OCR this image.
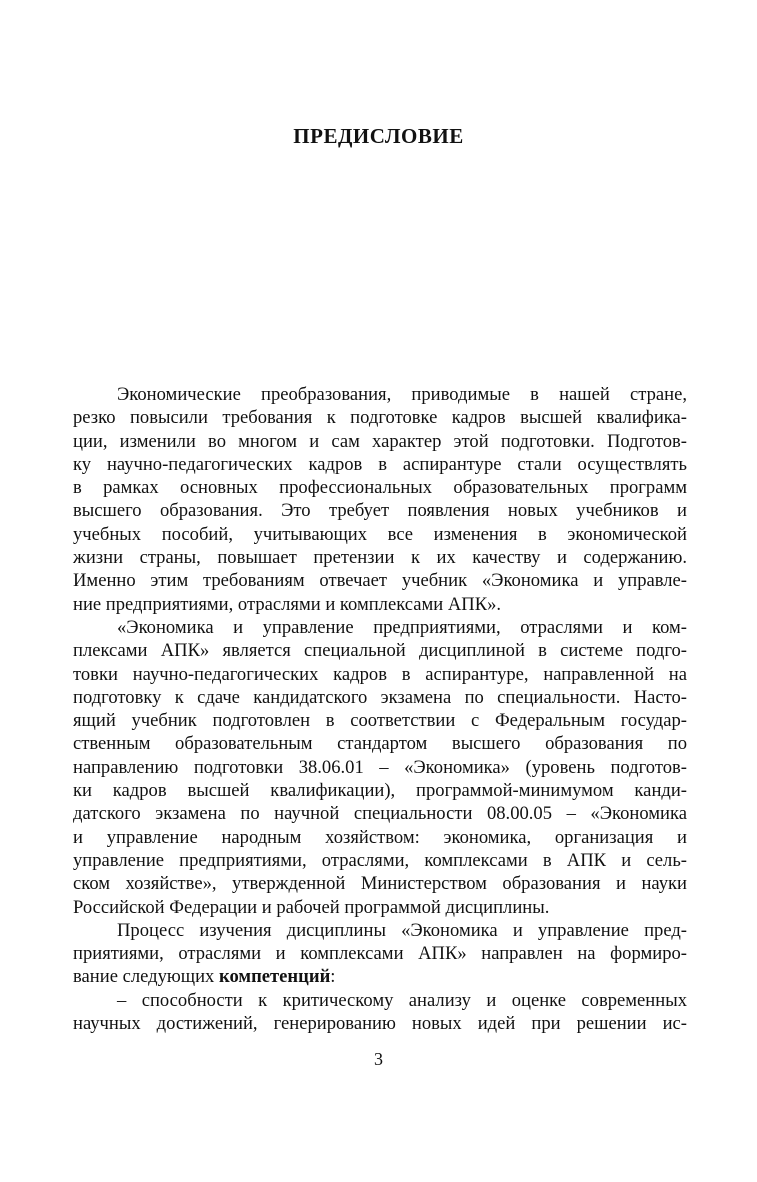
ПРЕДИСЛОВИЕ
Экономические преобразования, приводимые в нашей стране,
резко повысили требования к подготовке кадров высшей квалифика-
ции, изменили во многом и сам характер этой подготовки. Подготов-
ку научно-педагогических кадров в аспирантуре стали осуществлять
в рамках основных профессиональных образовательных программ
высшего образования. Это требует появления новых учебников и
учебных пособий, учитывающих все изменения в экономической
жизни страны, повышает претензии к их качеству и содержанию.
Именно этим требованиям отвечает учебник «Экономика и управле-
ние предприятиями, отраслями и комплексами АПК».
«Экономика и управление предприятиями, отраслями и ком-
плексами АПК» является специальной дисциплиной в системе подго-
товки научно-педагогических кадров в аспирантуре, направленной на
подготовку к сдаче кандидатского экзамена по специальности. Насто-
ящий учебник подготовлен в соответствии с Федеральным государ-
ственным образовательным стандартом высшего образования по
направлению подготовки 38.06.01 – «Экономика» (уровень подготов-
ки кадров высшей квалификации), программой-минимумом канди-
датского экзамена по научной специальности 08.00.05 – «Экономика
и управление народным хозяйством: экономика, организация и
управление предприятиями, отраслями, комплексами в АПК и сель-
ском хозяйстве», утвержденной Министерством образования и науки
Российской Федерации и рабочей программой дисциплины.
Процесс изучения дисциплины «Экономика и управление пред-
приятиями, отраслями и комплексами АПК» направлен на формиро-
вание следующих компетенций:
– способности к критическому анализу и оценке современных
научных достижений, генерированию новых идей при решении ис-
3
